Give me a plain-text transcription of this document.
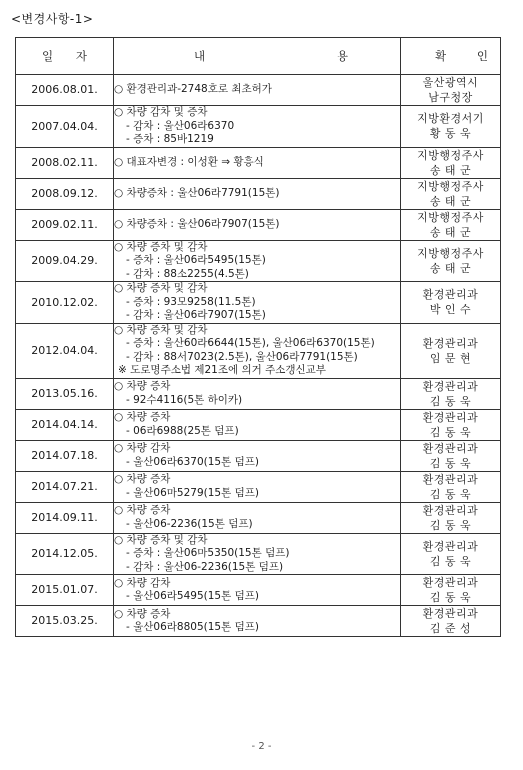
<변경사항-1>
일 자	내 용	확 인

2006.08.01.	○ 환경관리과-2748호로 최초허가	울산광역시
남구청장

2007.04.04.	○ 차량 감차 및 증차
- 감차 : 울산06라6370
- 증차 : 85바1219	지방환경서기
황 동 욱

2008.02.11.	○ 대표자변경 : 이성환 ⇒ 황흥식	지방행정주사
송 태 군

2008.09.12.	○ 차량증차 : 울산06라7791(15톤)	지방행정주사
송 태 군

2009.02.11.	○ 차량증차 : 울산06라7907(15톤)	지방행정주사
송 태 군

2009.04.29.	○ 차량 증차 및 감차
- 증차 : 울산06라5495(15톤)
- 감차 : 88소2255(4.5톤)	지방행정주사
송 태 군

2010.12.02.	○ 차량 증차 및 감차
- 증차 : 93모9258(11.5톤)
- 감차 : 울산06라7907(15톤)	환경관리과
박 인 수

2012.04.04.	○ 차량 증차 및 감차
- 증차 : 울산60라6644(15톤), 울산06라6370(15톤)
- 감차 : 88서7023(2.5톤), 울산06라7791(15톤)
※ 도로명주소법 제21조에 의거 주소갱신교부	환경관리과
임 문 현

2013.05.16.	○ 차량 증차
- 92수4116(5톤 하이카)	환경관리과
김 동 욱

2014.04.14.	○ 차량 증차
- 06라6988(25톤 덤프)	환경관리과
김 동 욱

2014.07.18.	○ 차량 감차
- 울산06라6370(15톤 덤프)	환경관리과
김 동 욱

2014.07.21.	○ 차량 증차
- 울산06마5279(15톤 덤프)	환경관리과
김 동 욱

2014.09.11.	○ 차량 증차
- 울산06-2236(15톤 덤프)	환경관리과
김 동 욱

2014.12.05.	○ 차량 증차 및 감차
- 증차 : 울산06마5350(15톤 덤프)
- 감차 : 울산06-2236(15톤 덤프)	환경관리과
김 동 욱

2015.01.07.	○ 차량 감차
- 울산06라5495(15톤 덤프)	환경관리과
김 동 욱

2015.03.25.	○ 차량 증차
- 울산06라8805(15톤 덤프)	환경관리과
김 준 성
- 2 -
